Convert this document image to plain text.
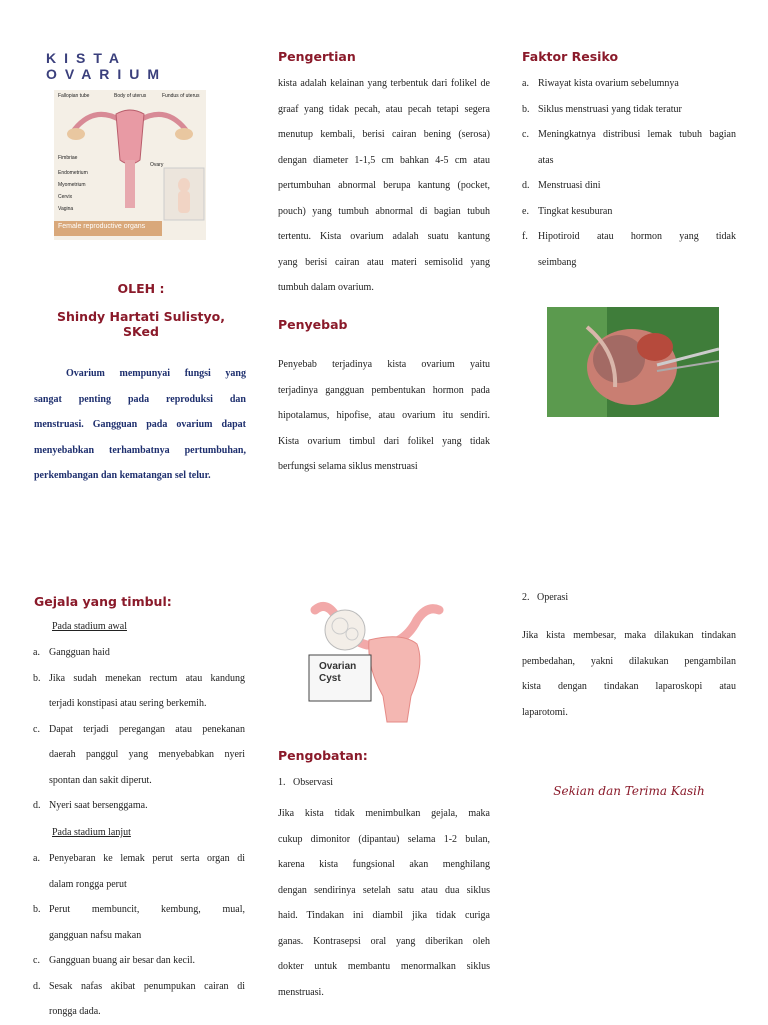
KISTA OVARIUM
Fallopian tube	Body of uterus	Fundus of uterus
Fimbriae
Endometrium
Myometrium
Cervix
Vagina
Ovary
Female reproductive organs
OLEH :
Shindy Hartati Sulistyo, SKed
Ovarium mempunyai fungsi yang
sangat penting pada reproduksi dan
menstruasi. Gangguan pada ovarium dapat
menyebabkan terhambatnya pertumbuhan,
perkembangan dan kematangan sel telur.
Pengertian
kista adalah kelainan yang terbentuk dari folikel de
graaf yang tidak pecah, atau pecah tetapi segera
menutup kembali, berisi cairan bening (serosa)
dengan diameter 1-1,5 cm bahkan 4-5 cm atau
pertumbuhan abnormal berupa kantung (pocket,
pouch) yang tumbuh abnormal di bagian tubuh
tertentu. Kista ovarium adalah suatu kantung
yang berisi cairan atau materi semisolid yang
tumbuh dalam ovarium.
Penyebab
Penyebab terjadinya kista ovarium yaitu
terjadinya gangguan pembentukan hormon pada
hipotalamus, hipofise, atau ovarium itu sendiri.
Kista ovarium timbul dari folikel yang tidak
berfungsi selama siklus menstruasi
Faktor Resiko
a. Riwayat kista ovarium sebelumnya
b. Siklus menstruasi yang tidak teratur
c. Meningkatnya distribusi lemak tubuh bagian
atas
d. Menstruasi dini
e. Tingkat kesuburan
f.	Hipotiroid atau hormon yang tidak
seimbang
Gejala yang timbul:
Pada stadium awal
a. Gangguan haid
b. Jika sudah menekan rectum atau kandung
terjadi konstipasi atau sering berkemih.
c. Dapat terjadi peregangan atau penekanan
daerah panggul yang menyebabkan nyeri
spontan dan sakit diperut.
d. Nyeri saat bersenggama.
Pada stadium lanjut
a. Penyebaran ke lemak perut serta organ di
dalam rongga perut
b. Perut membuncit, kembung, mual,
gangguan nafsu makan
c. Gangguan buang air besar dan kecil.
d. Sesak nafas akibat penumpukan cairan di
rongga dada.
Ovarian Cyst
Pengobatan:
1.   Observasi
Jika kista tidak menimbulkan gejala, maka
cukup dimonitor (dipantau) selama 1-2 bulan,
karena kista fungsional akan menghilang
dengan sendirinya setelah satu atau dua siklus
haid. Tindakan ini diambil jika tidak curiga
ganas. Kontrasepsi oral yang diberikan oleh
dokter untuk membantu menormalkan siklus
menstruasi.
2.   Operasi
Jika kista membesar, maka dilakukan tindakan
pembedahan, yakni dilakukan pengambilan
kista dengan tindakan laparoskopi atau
laparotomi.
Sekian dan Terima Kasih
